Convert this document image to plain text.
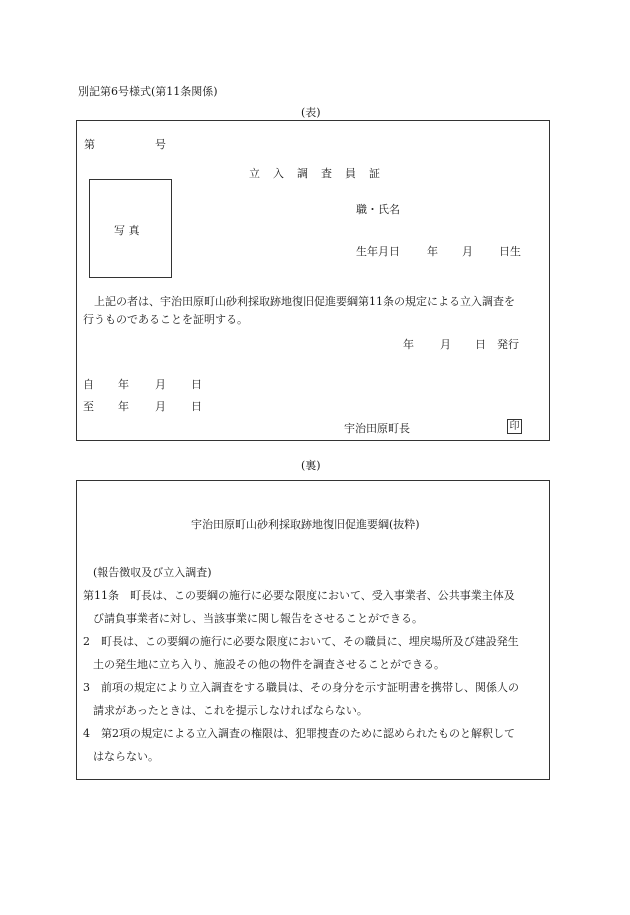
別記第6号様式(第11条関係)
(表)
第	号
立入調査員証
写 真
職・氏名
生年月日 年 月 日生
上記の者は、宇治田原町山砂利採取跡地復旧促進要綱第11条の規定による立入調査を
行うものであることを証明する。
年 月 日 発行
自 年 月 日
至 年 月 日
宇治田原町長	印
(裏)
宇治田原町山砂利採取跡地復旧促進要綱(抜粋)
(報告徴収及び立入調査)
第11条　町長は、この要綱の施行に必要な限度において、受入事業者、公共事業主体及
び請負事業者に対し、当該事業に関し報告をさせることができる。
2　町長は、この要綱の施行に必要な限度において、その職員に、埋戻場所及び建設発生
土の発生地に立ち入り、施設その他の物件を調査させることができる。
3　前項の規定により立入調査をする職員は、その身分を示す証明書を携帯し、関係人の
請求があったときは、これを提示しなければならない。
4　第2項の規定による立入調査の権限は、犯罪捜査のために認められたものと解釈して
はならない。
